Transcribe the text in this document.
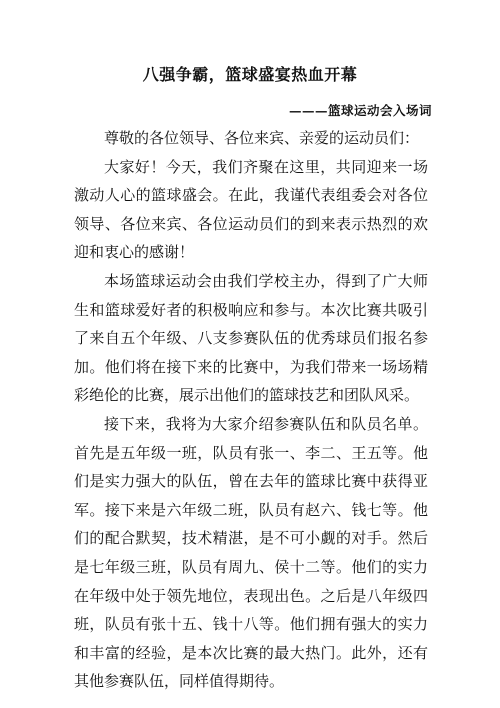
八强争霸，篮球盛宴热血开幕
———篮球运动会入场词

尊敬的各位领导、各位来宾、亲爱的运动员们：

大家好！今天，我们齐聚在这里，共同迎来一场激动人心的篮球盛会。在此，我谨代表组委会对各位领导、各位来宾、各位运动员们的到来表示热烈的欢迎和衷心的感谢！

本场篮球运动会由我们学校主办，得到了广大师生和篮球爱好者的积极响应和参与。本次比赛共吸引了来自五个年级、八支参赛队伍的优秀球员们报名参加。他们将在接下来的比赛中，为我们带来一场场精彩绝伦的比赛，展示出他们的篮球技艺和团队风采。

接下来，我将为大家介绍参赛队伍和队员名单。首先是五年级一班，队员有张一、李二、王五等。他们是实力强大的队伍，曾在去年的篮球比赛中获得亚军。接下来是六年级二班，队员有赵六、钱七等。他们的配合默契，技术精湛，是不可小觑的对手。然后是七年级三班，队员有周九、侯十二等。他们的实力在年级中处于领先地位，表现出色。之后是八年级四班，队员有张十五、钱十八等。他们拥有强大的实力和丰富的经验，是本次比赛的最大热门。此外，还有其他参赛队伍，同样值得期待。
